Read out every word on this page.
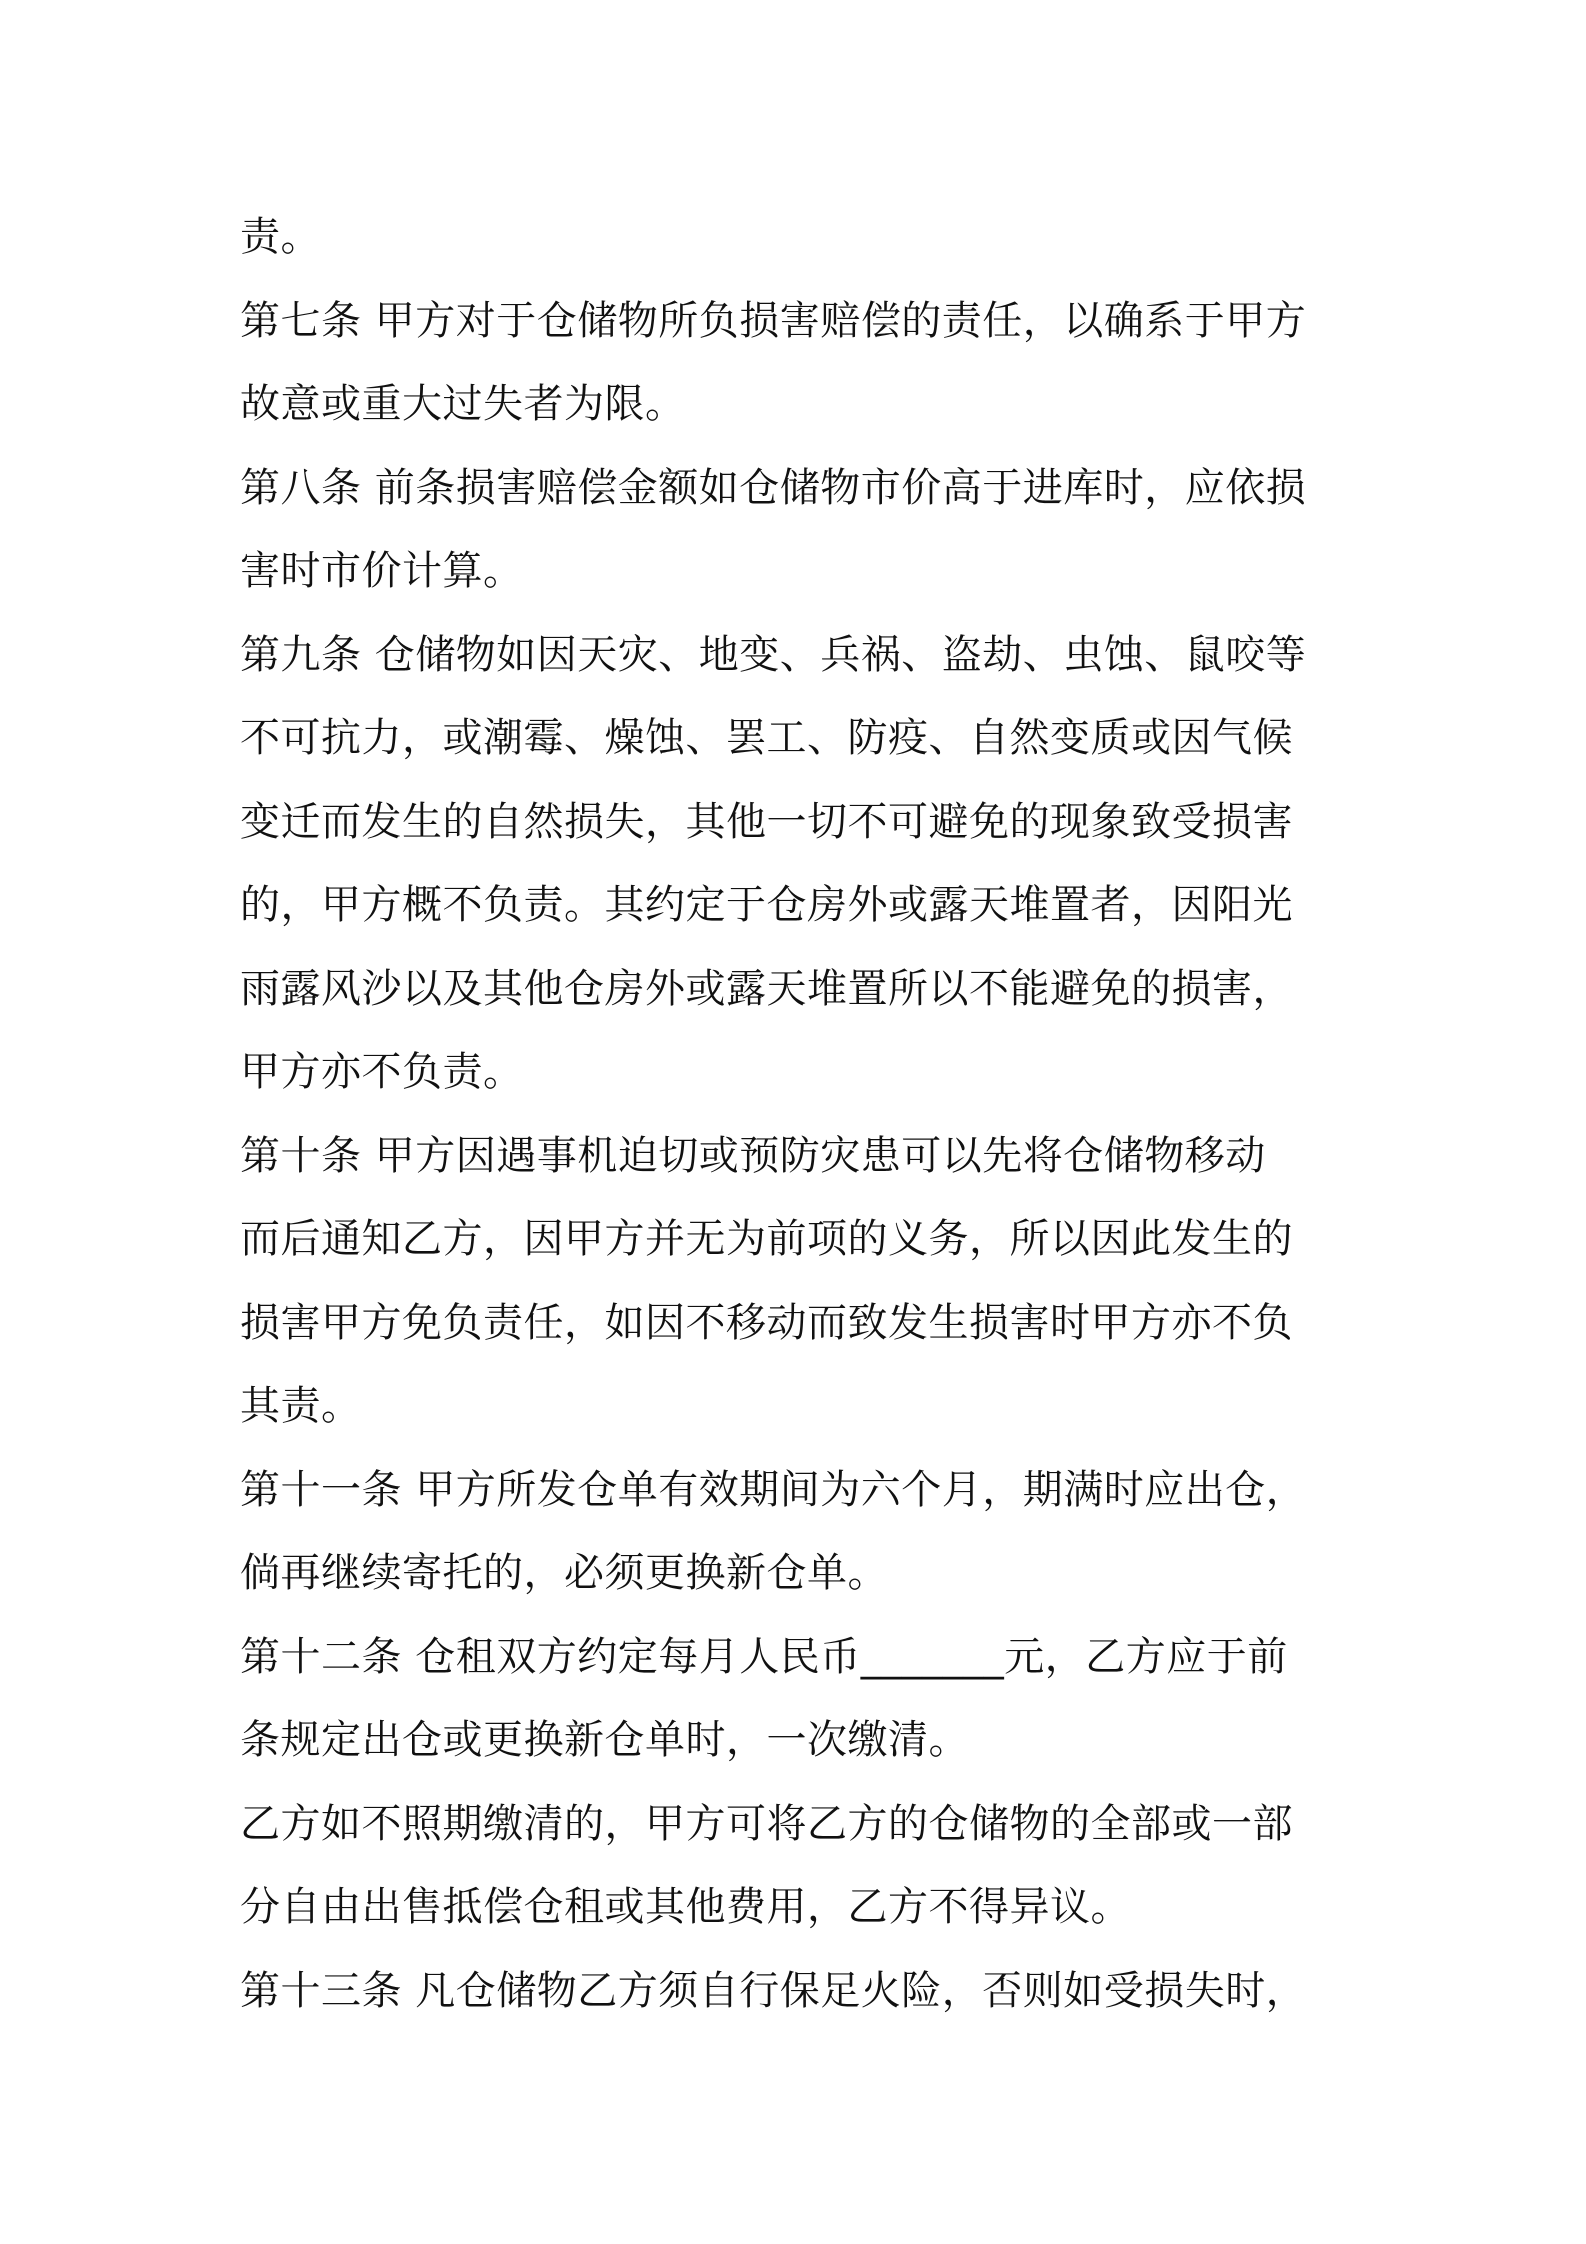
责。
第七条 甲方对于仓储物所负损害赔偿的责任，以确系于甲方
故意或重大过失者为限。
第八条 前条损害赔偿金额如仓储物市价高于进库时，应依损
害时市价计算。
第九条 仓储物如因天灾、地变、兵祸、盗劫、虫蚀、鼠咬等
不可抗力，或潮霉、燥蚀、罢工、防疫、自然变质或因气候
变迁而发生的自然损失，其他一切不可避免的现象致受损害
的，甲方概不负责。其约定于仓房外或露天堆置者，因阳光
雨露风沙以及其他仓房外或露天堆置所以不能避免的损害，
甲方亦不负责。
第十条 甲方因遇事机迫切或预防灾患可以先将仓储物移动
而后通知乙方，因甲方并无为前项的义务，所以因此发生的
损害甲方免负责任，如因不移动而致发生损害时甲方亦不负
其责。
第十一条 甲方所发仓单有效期间为六个月，期满时应出仓，
倘再继续寄托的，必须更换新仓单。
第十二条 仓租双方约定每月人民币_______元，乙方应于前
条规定出仓或更换新仓单时，一次缴清。
乙方如不照期缴清的，甲方可将乙方的仓储物的全部或一部
分自由出售抵偿仓租或其他费用，乙方不得异议。
第十三条 凡仓储物乙方须自行保足火险，否则如受损失时，
